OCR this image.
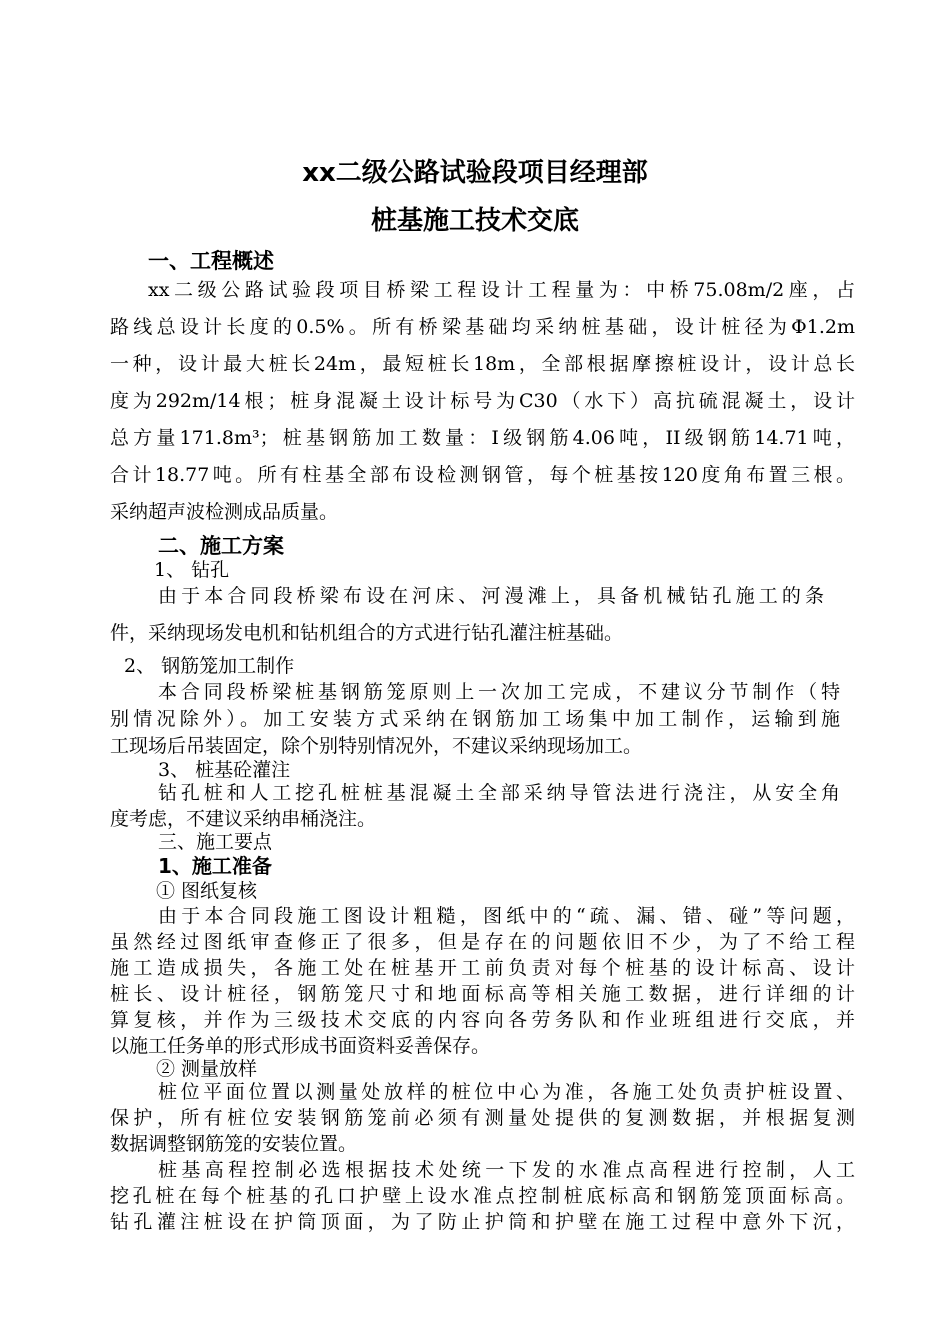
xx二级公路试验段项目经理部
桩基施工技术交底
一、工程概述
xx二级公路试验段项目桥梁工程设计工程量为：中桥75.08m/2座，占
路线总设计长度的0.5%。所有桥梁基础均采纳桩基础，设计桩径为Φ1.2m
一种，设计最大桩长24m，最短桩长18m，全部根据摩擦桩设计，设计总长
度为292m/14根；桩身混凝土设计标号为C30（水下）高抗硫混凝土，设计
总方量171.8m³；桩基钢筋加工数量：Ⅰ级钢筋4.06吨，II级钢筋14.71吨，
合计18.77吨。所有柱基全部布设检测钢管，每个桩基按120度角布置三根。
采纳超声波检测成品质量。
二、施工方案
1、 钻孔
由于本合同段桥梁布设在河床、河漫滩上，具备机械钻孔施工的条
件，采纳现场发电机和钻机组合的方式进行钻孔灌注桩基础。
2、 钢筋笼加工制作
本合同段桥梁桩基钢筋笼原则上一次加工完成，不建议分节制作（特
别情况除外）。加工安装方式采纳在钢筋加工场集中加工制作，运输到施
工现场后吊装固定，除个别特别情况外，不建议采纳现场加工。
3、 桩基砼灌注
钻孔桩和人工挖孔桩桩基混凝土全部采纳导管法进行浇注，从安全角
度考虑，不建议采纳串桶浇注。
三、施工要点
1、施工准备
① 图纸复核
由于本合同段施工图设计粗糙，图纸中的“疏、漏、错、碰”等问题，
虽然经过图纸审查修正了很多，但是存在的问题依旧不少，为了不给工程
施工造成损失，各施工处在桩基开工前负责对每个桩基的设计标高、设计
桩长、设计桩径，钢筋笼尺寸和地面标高等相关施工数据，进行详细的计
算复核，并作为三级技术交底的内容向各劳务队和作业班组进行交底，并
以施工任务单的形式形成书面资料妥善保存。
② 测量放样
桩位平面位置以测量处放样的桩位中心为准，各施工处负责护桩设置、
保护，所有桩位安装钢筋笼前必须有测量处提供的复测数据，并根据复测
数据调整钢筋笼的安装位置。
桩基高程控制必选根据技术处统一下发的水准点高程进行控制，人工
挖孔桩在每个桩基的孔口护壁上设水准点控制桩底标高和钢筋笼顶面标高。
钻孔灌注桩设在护筒顶面，为了防止护筒和护壁在施工过程中意外下沉，
